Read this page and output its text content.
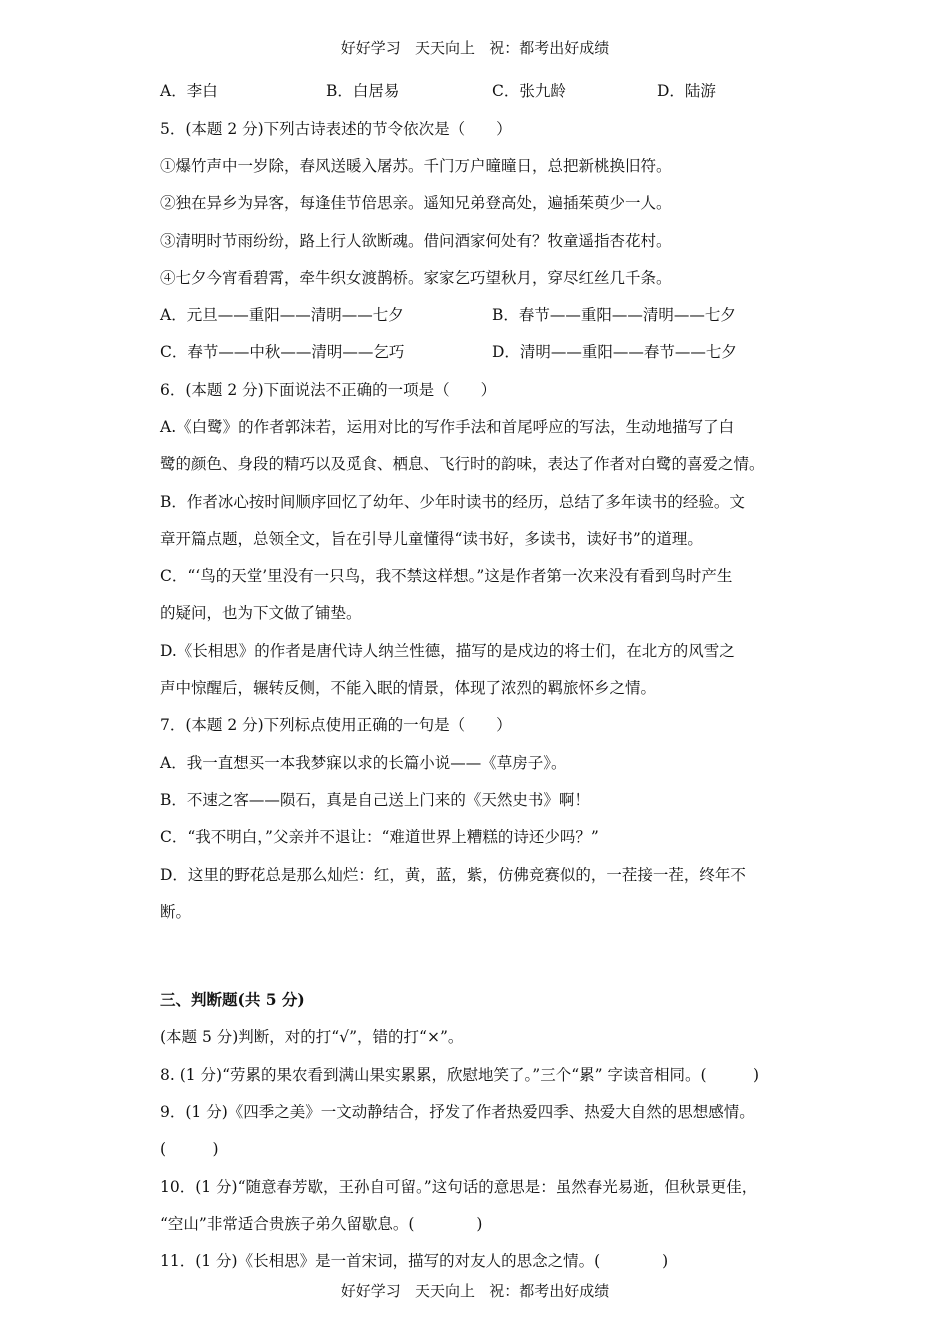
好好学习   天天向上   祝：都考出好成绩
A．李白	B．白居易	C．张九龄	D．陆游
5．(本题 2 分)下列古诗表述的节令依次是（　　）
①爆竹声中一岁除，春风送暖入屠苏。千门万户曈曈日，总把新桃换旧符。
②独在异乡为异客，每逢佳节倍思亲。遥知兄弟登高处，遍插茱萸少一人。
③清明时节雨纷纷，路上行人欲断魂。借问酒家何处有？牧童遥指杏花村。
④七夕今宵看碧霄，牵牛织女渡鹊桥。家家乞巧望秋月，穿尽红丝几千条。
A．元旦——重阳——清明——七夕	B．春节——重阳——清明——七夕
C．春节——中秋——清明——乞巧	D．清明——重阳——春节——七夕
6．(本题 2 分)下面说法不正确的一项是（　　）
A.《白鹭》的作者郭沫若，运用对比的写作手法和首尾呼应的写法，生动地描写了白
鹭的颜色、身段的精巧以及觅食、栖息、飞行时的韵味，表达了作者对白鹭的喜爱之情。
B．作者冰心按时间顺序回忆了幼年、少年时读书的经历，总结了多年读书的经验。文
章开篇点题，总领全文，旨在引导儿童懂得“读书好，多读书，读好书”的道理。
C．“‘鸟的天堂’里没有一只鸟，我不禁这样想。”这是作者第一次来没有看到鸟时产生
的疑问，也为下文做了铺垫。
D.《长相思》的作者是唐代诗人纳兰性德，描写的是戍边的将士们，在北方的风雪之
声中惊醒后，辗转反侧，不能入眠的情景，体现了浓烈的羁旅怀乡之情。
7．(本题 2 分)下列标点使用正确的一句是（　　）
A．我一直想买一本我梦寐以求的长篇小说——《草房子》。
B．不速之客——陨石，真是自己送上门来的《天然史书》啊！
C．“我不明白，”父亲并不退让：“难道世界上糟糕的诗还少吗？”
D．这里的野花总是那么灿烂：红，黄，蓝，紫，仿佛竞赛似的，一茬接一茬，终年不
断。
三、判断题(共 5 分)
(本题 5 分)判断，对的打“√”，错的打“×”。
8. (1 分)“劳累的果农看到满山果实累累，欣慰地笑了。”三个“累” 字读音相同。(　　　)
9．(1 分)《四季之美》一文动静结合，抒发了作者热爱四季、热爱大自然的思想感情。
(　　　)
10．(1 分)“随意春芳歇，王孙自可留。”这句话的意思是：虽然春光易逝，但秋景更佳，
“空山”非常适合贵族子弟久留歇息。(　　　　)
11．(1 分)《长相思》是一首宋词，描写的对友人的思念之情。(　　　　)
好好学习   天天向上   祝：都考出好成绩
